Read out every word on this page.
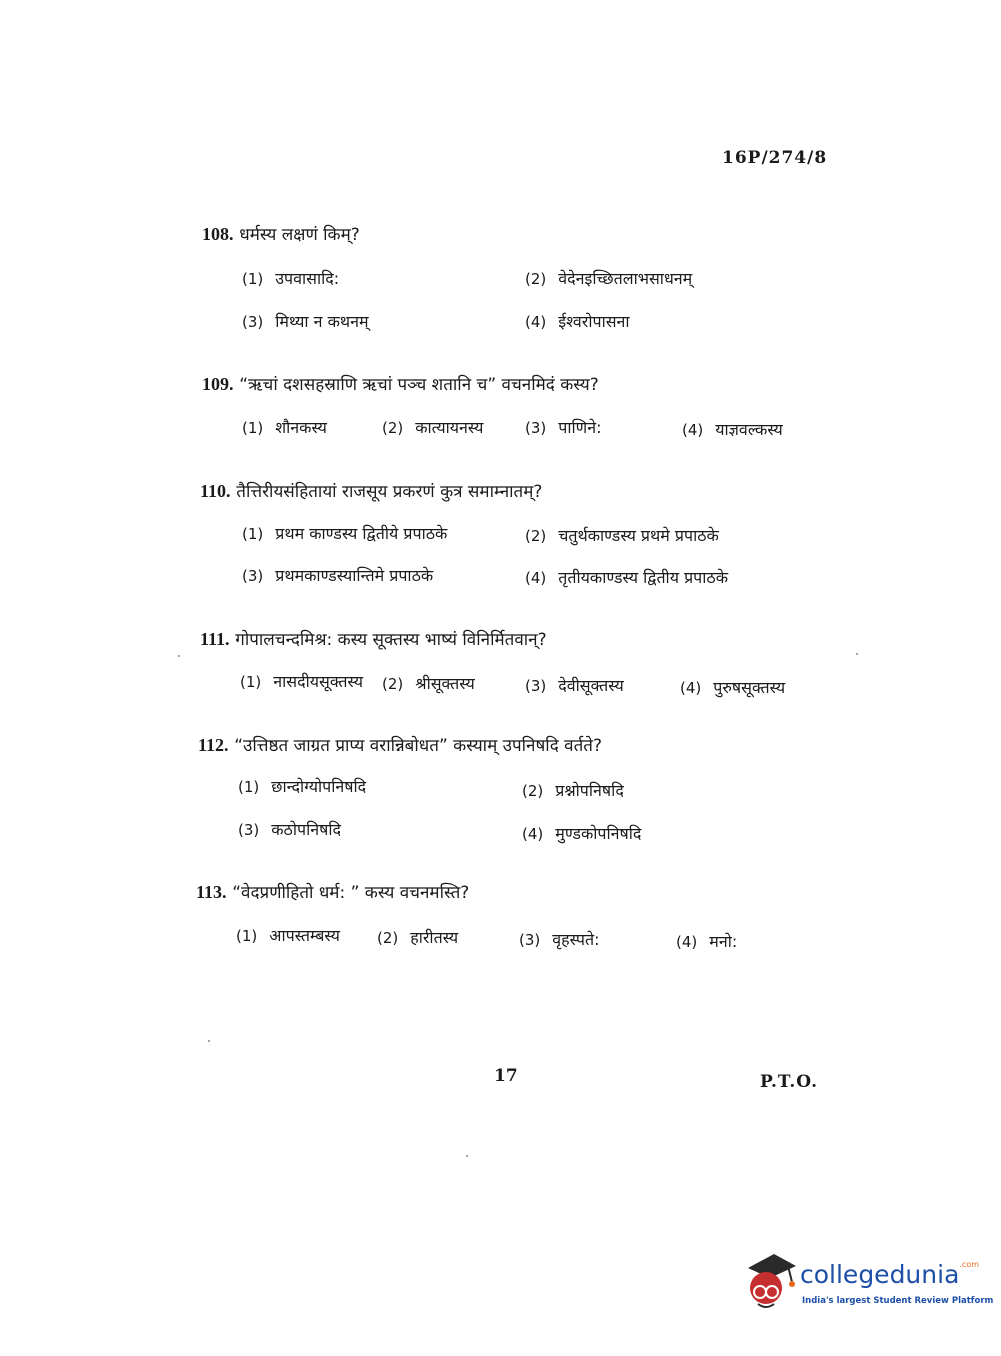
16P/274/8
108. धर्मस्य लक्षणं किम्?
(1) उपवासादि:	(2) वेदेनइच्छितलाभसाधनम्
(3) मिथ्या न कथनम्	(4) ईश्वरोपासना
109. “ऋचां दशसहस्राणि ऋचां पञ्च शतानि च” वचनमिदं कस्य?
(1) शौनकस्य	(2) कात्यायनस्य	(3) पाणिने:	(4) याज्ञवल्कस्य
110. तैत्तिरीयसंहितायां राजसूय प्रकरणं कुत्र समाम्नातम्?
(1) प्रथम काण्डस्य द्वितीये प्रपाठके	(2) चतुर्थकाण्डस्य प्रथमे प्रपाठके
(3) प्रथमकाण्डस्यान्तिमे प्रपाठके	(4) तृतीयकाण्डस्य द्वितीय प्रपाठके
111. गोपालचन्दमिश्र: कस्य सूक्तस्य भाष्यं विनिर्मितवान्?
(1) नासदीयसूक्तस्य (2) श्रीसूक्तस्य	(3) देवीसूक्तस्य	(4) पुरुषसूक्तस्य
112. “उत्तिष्ठत जाग्रत प्राप्य वरान्निबोधत” कस्याम् उपनिषदि वर्तते?
(1) छान्दोग्योपनिषदि	(2) प्रश्नोपनिषदि
(3) कठोपनिषदि	(4) मुण्डकोपनिषदि
113. “वेदप्रणीहितो धर्म: ” कस्य वचनमस्ति?
(1) आपस्तम्बस्य (2) हारीतस्य	(3) वृहस्पते:	(4) मनो:
17	P.T.O.
collegedunia$^{.com}$
India's largest Student Review Platform
